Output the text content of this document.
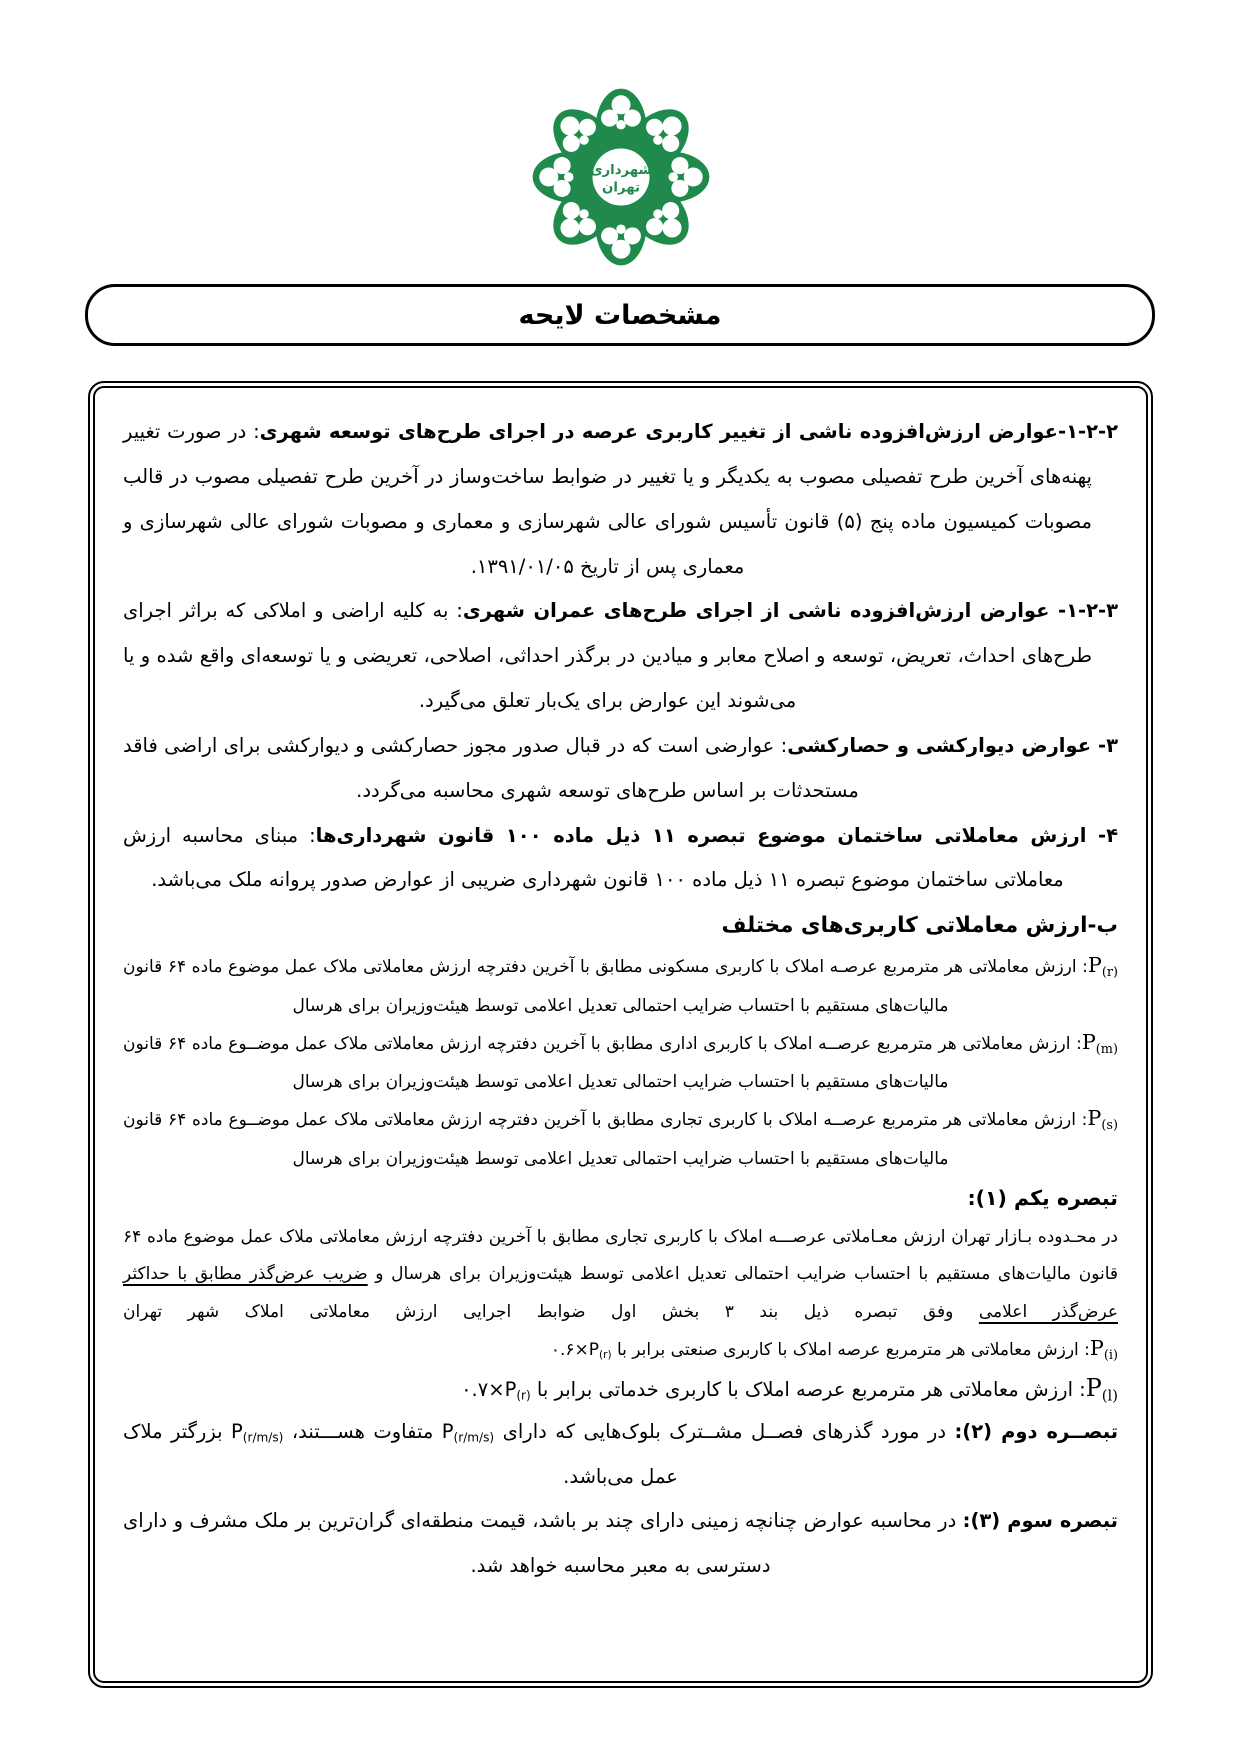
شهرداری
تهران
مشخصات لایحه

۱-۲-۲-عوارض ارزش‌افزوده ناشی از تغییر کاربری عرصه در اجرای طرح‌های توسعه شهری: در صورت تغییر پهنه‌های آخرین طرح تفصیلی مصوب به یکدیگر و یا تغییر در ضوابط ساخت‌وساز در آخرین طرح تفصیلی مصوب در قالب مصوبات کمیسیون ماده پنج (۵) قانون تأسیس شورای عالی شهرسازی و معماری و مصوبات شورای عالی شهرسازی و معماری پس از تاریخ ۱۳۹۱/۰۱/۰۵.

۱-۲-۳- عوارض ارزش‌افزوده ناشی از اجرای طرح‌های عمران شهری: به کلیه اراضی و املاکی که براثر اجرای طرح‌های احداث، تعریض، توسعه و اصلاح معابر و میادین در برگذر احداثی، اصلاحی، تعریضی و یا توسعه‌ای واقع شده و یا می‌شوند این عوارض برای یک‌بار تعلق می‌گیرد.

۳- عوارض دیوارکشی و حصارکشی: عوارضی است که در قبال صدور مجوز حصارکشی و دیوارکشی برای اراضی فاقد مستحدثات بر اساس طرح‌های توسعه شهری محاسبه می‌گردد.

۴- ارزش معاملاتی ساختمان موضوع تبصره ۱۱ ذیل ماده ۱۰۰ قانون شهرداری‌ها: مبنای محاسبه ارزش معاملاتی ساختمان موضوع تبصره ۱۱ ذیل ماده ۱۰۰ قانون شهرداری ضریبی از عوارض صدور پروانه ملک می‌باشد.

ب-ارزش معاملاتی کاربری‌های مختلف

$P_{(r)}$: ارزش معاملاتی هر مترمربع عرصـه املاک با کاربری مسکونی مطابق با آخرین دفترچه ارزش معاملاتی ملاک عمل موضوع ماده ۶۴ قانون مالیات‌های مستقیم با احتساب ضرایب احتمالی تعدیل اعلامی توسط هیئت‌وزیران برای هرسال

$P_{(m)}$: ارزش معاملاتی هر مترمربع عرصــه املاک با کاربری اداری مطابق با آخرین دفترچه ارزش معاملاتی ملاک عمل موضــوع ماده ۶۴ قانون مالیات‌های مستقیم با احتساب ضرایب احتمالی تعدیل اعلامی توسط هیئت‌وزیران برای هرسال

$P_{(s)}$: ارزش معاملاتی هر مترمربع عرصــه املاک با کاربری تجاری مطابق با آخرین دفترچه ارزش معاملاتی ملاک عمل موضــوع ماده ۶۴ قانون مالیات‌های مستقیم با احتساب ضرایب احتمالی تعدیل اعلامی توسط هیئت‌وزیران برای هرسال

تبصره یکم (۱):

در محـدوده بـازار تهران ارزش معـاملاتی عرصـــه املاک با کاربری تجاری مطابق با آخرین دفترچه ارزش معاملاتی ملاک عمل موضوع ماده ۶۴ قانون مالیات‌های مستقیم با احتساب ضرایب احتمالی تعدیل اعلامی توسط هیئت‌وزیران برای هرسال و ضریب عرض‌گذر مطابق با حداکثر عرض‌گذر اعلامی وفق تبصره ذیل بند ۳ بخش اول ضوابط اجرایی ارزش معاملاتی املاک شهر تهران

$P_{(i)}$: ارزش معاملاتی هر مترمربع عرصه املاک با کاربری صنعتی برابر با $۰.۶\times P_{(r)}$

$P_{(l)}$: ارزش معاملاتی هر مترمربع عرصه املاک با کاربری خدماتی برابر با $۰.۷\times P_{(r)}$

تبصــره دوم (۲): در مورد گذرهای فصــل مشــترک بلوک‌هایی که دارای $P_{(r/m/s)}$ متفاوت هســـتند، $P_{(r/m/s)}$ بزرگتر ملاک عمل می‌باشد.

تبصره سوم (۳): در محاسبه عوارض چنانچه زمینی دارای چند بر باشد، قیمت منطقه‌ای گران‌ترین بر ملک مشرف و دارای دسترسی به معبر محاسبه خواهد شد.
